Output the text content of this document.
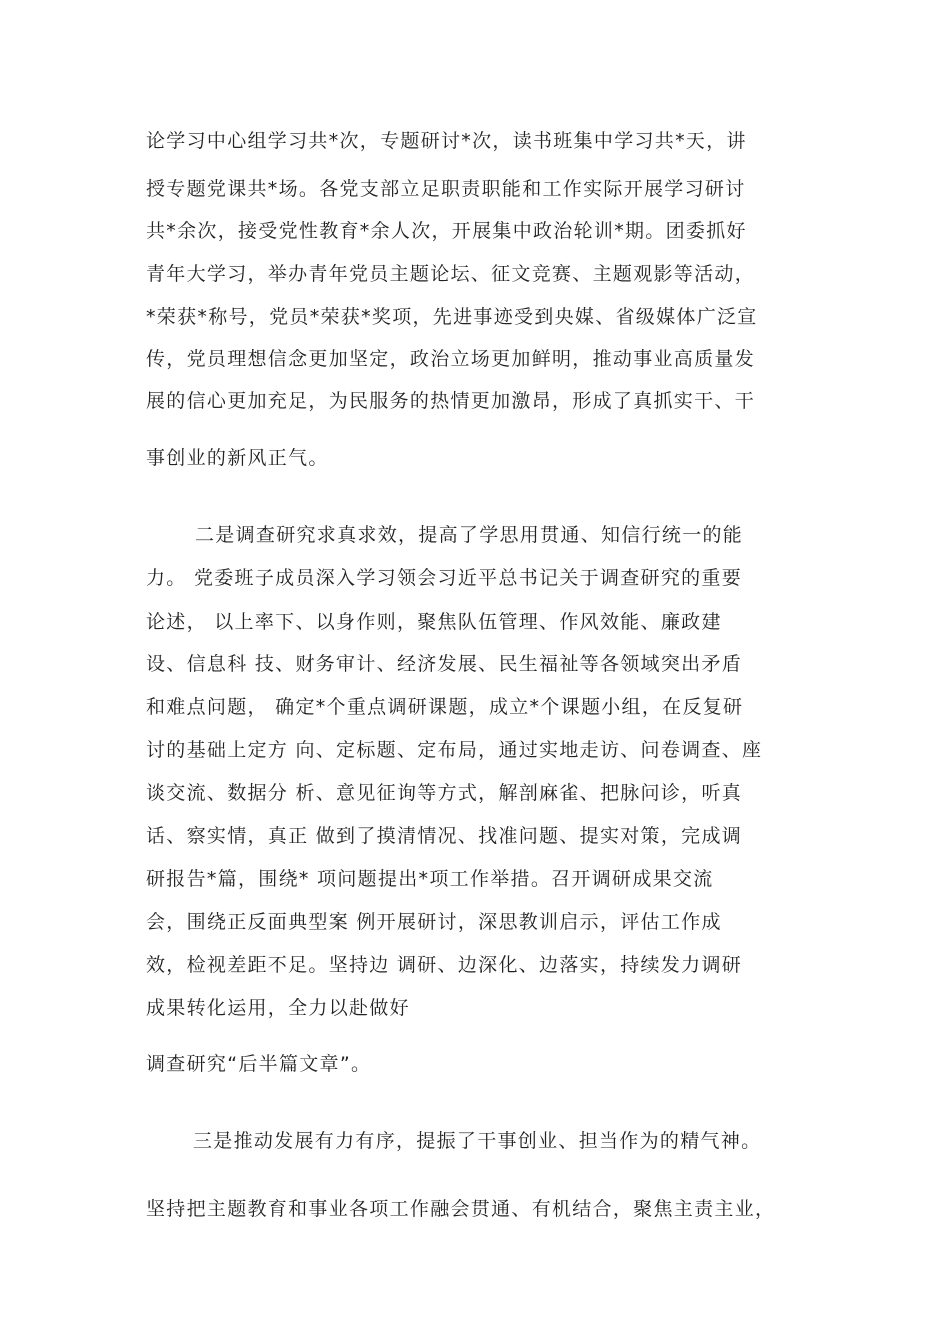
论学习中心组学习共*次，专题研讨*次，读书班集中学习共*天，讲
授专题党课共*场。各党支部立足职责职能和工作实际开展学习研讨
共*余次，接受党性教育*余人次，开展集中政治轮训*期。团委抓好
青年大学习，举办青年党员主题论坛、征文竞赛、主题观影等活动，
*荣获*称号，党员*荣获*奖项，先进事迹受到央媒、省级媒体广泛宣
传，党员理想信念更加坚定，政治立场更加鲜明，推动事业高质量发
展的信心更加充足，为民服务的热情更加激昂，形成了真抓实干、干
事创业的新风正气。
二是调查研究求真求效，提高了学思用贯通、知信行统一的能
力。 党委班子成员深入学习领会习近平总书记关于调查研究的重要
论述， 以上率下、以身作则，聚焦队伍管理、作风效能、廉政建
设、信息科 技、财务审计、经济发展、民生福祉等各领域突出矛盾
和难点问题， 确定*个重点调研课题，成立*个课题小组，在反复研
讨的基础上定方 向、定标题、定布局，通过实地走访、问卷调查、座
谈交流、数据分 析、意见征询等方式，解剖麻雀、把脉问诊，听真
话、察实情，真正 做到了摸清情况、找准问题、提实对策，完成调
研报告*篇，围绕* 项问题提出*项工作举措。召开调研成果交流
会，围绕正反面典型案 例开展研讨，深思教训启示，评估工作成
效，检视差距不足。坚持边 调研、边深化、边落实，持续发力调研
成果转化运用，全力以赴做好
调查研究“后半篇文章”。
三是推动发展有力有序，提振了干事创业、担当作为的精气神。
坚持把主题教育和事业各项工作融会贯通、有机结合，聚焦主责主业，
